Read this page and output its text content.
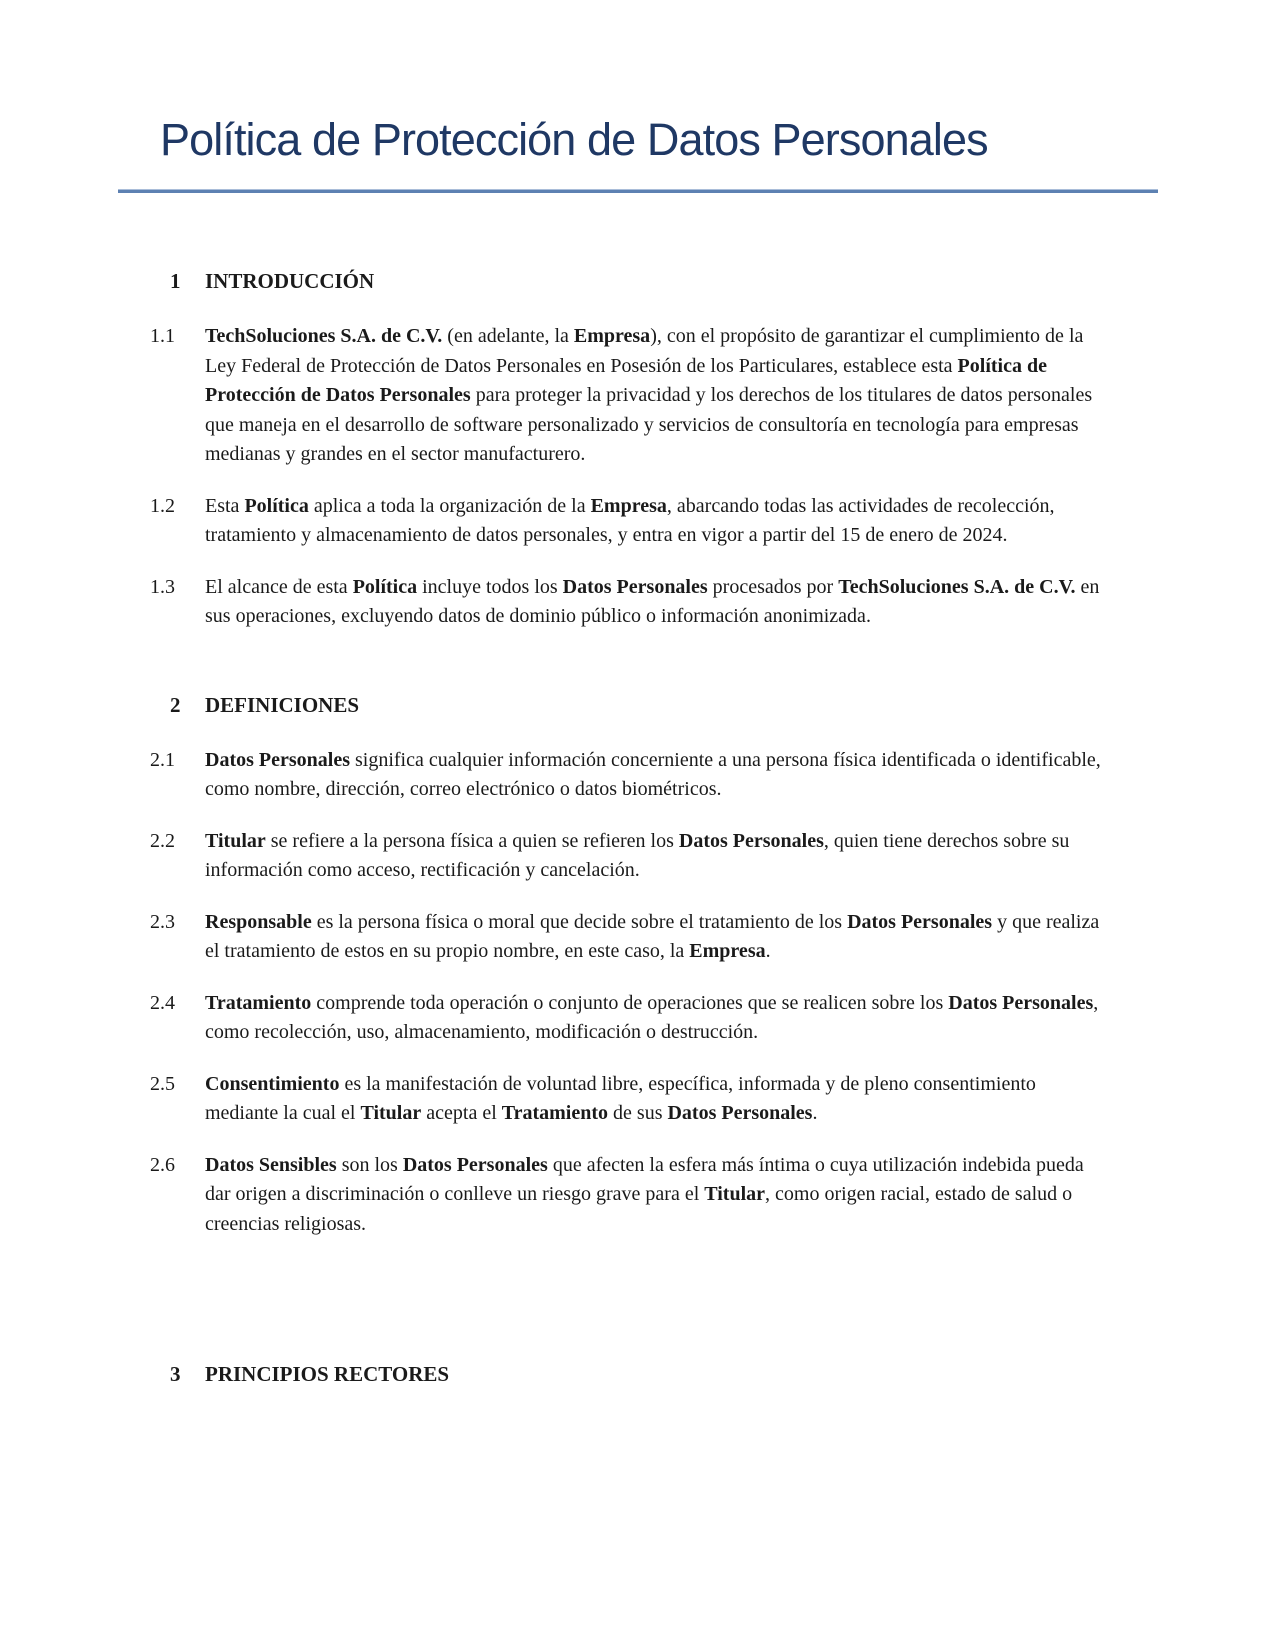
Política de Protección de Datos Personales
1	INTRODUCCIÓN
1.1	TechSoluciones S.A. de C.V. (en adelante, la Empresa), con el propósito de garantizar el cumplimiento de la Ley Federal de Protección de Datos Personales en Posesión de los Particulares, establece esta Política de Protección de Datos Personales para proteger la privacidad y los derechos de los titulares de datos personales que maneja en el desarrollo de software personalizado y servicios de consultoría en tecnología para empresas medianas y grandes en el sector manufacturero.

1.2	Esta Política aplica a toda la organización de la Empresa, abarcando todas las actividades de recolección, tratamiento y almacenamiento de datos personales, y entra en vigor a partir del 15 de enero de 2024.

1.3	El alcance de esta Política incluye todos los Datos Personales procesados por TechSoluciones S.A. de C.V. en sus operaciones, excluyendo datos de dominio público o información anonimizada.

2	DEFINICIONES
2.1	Datos Personales significa cualquier información concerniente a una persona física identificada o identificable, como nombre, dirección, correo electrónico o datos biométricos.

2.2	Titular se refiere a la persona física a quien se refieren los Datos Personales, quien tiene derechos sobre su información como acceso, rectificación y cancelación.

2.3	Responsable es la persona física o moral que decide sobre el tratamiento de los Datos Personales y que realiza el tratamiento de estos en su propio nombre, en este caso, la Empresa.

2.4	Tratamiento comprende toda operación o conjunto de operaciones que se realicen sobre los Datos Personales, como recolección, uso, almacenamiento, modificación o destrucción.

2.5	Consentimiento es la manifestación de voluntad libre, específica, informada y de pleno consentimiento mediante la cual el Titular acepta el Tratamiento de sus Datos Personales.

2.6	Datos Sensibles son los Datos Personales que afecten la esfera más íntima o cuya utilización indebida pueda dar origen a discriminación o conlleve un riesgo grave para el Titular, como origen racial, estado de salud o creencias religiosas.

3	PRINCIPIOS RECTORES
